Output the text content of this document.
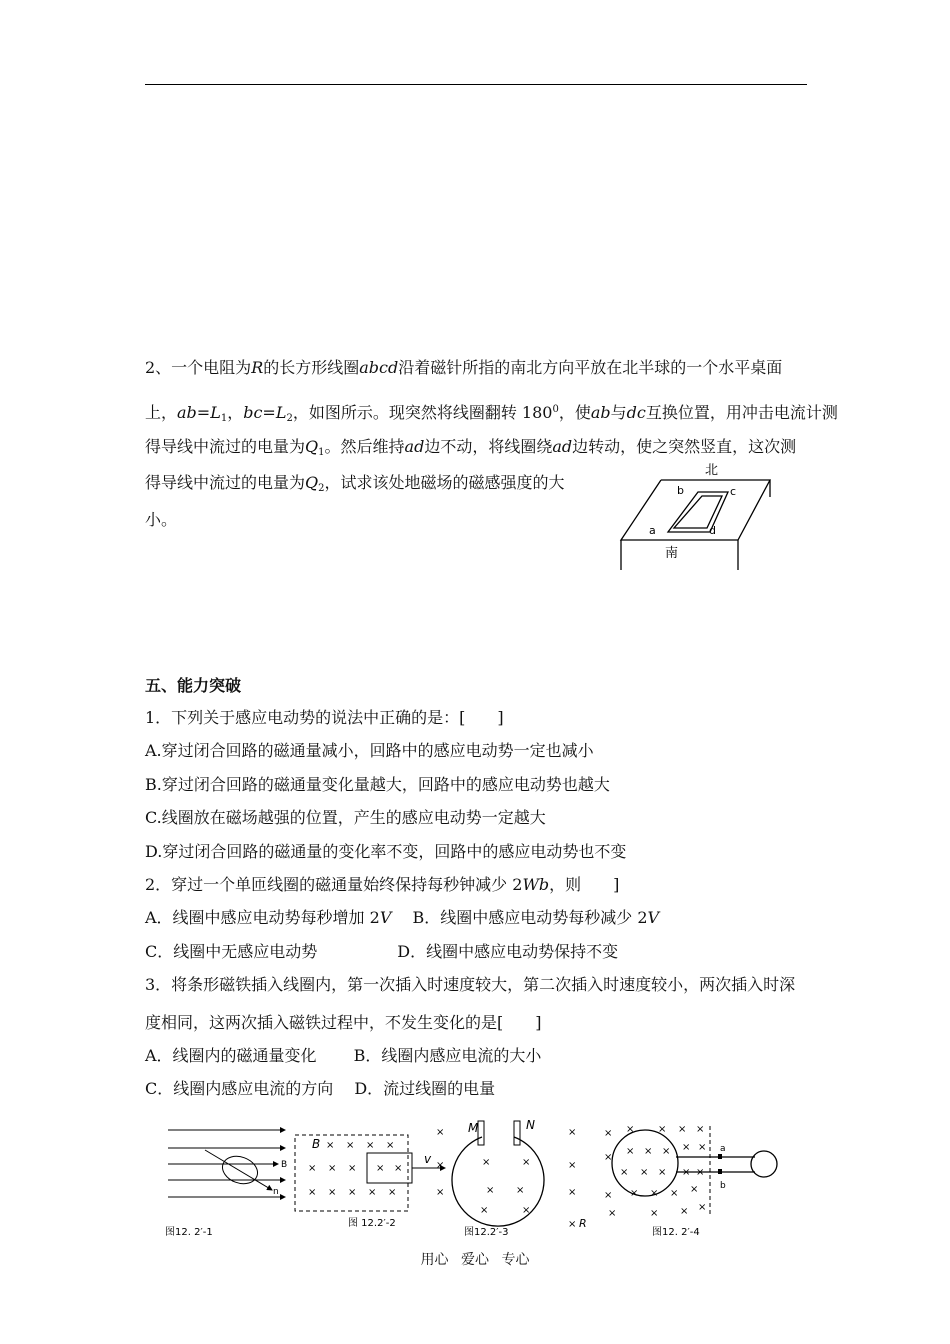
2、一个电阻为R的长方形线圈abcd沿着磁针所指的南北方向平放在北半球的一个水平桌面
上，$ab=L_1$，$bc=L_2$，如图所示。现突然将线圈翻转 $180^0$，使ab与dc互换位置，用冲击电流计测
得导线中流过的电量为$Q_1$。然后维持ad边不动，将线圈绕ad边转动，使之突然竖直，这次测
得导线中流过的电量为$Q_2$，试求该处地磁场的磁感强度的大
小。
北
南
a
b	c
d
五、能力突破
1．下列关于感应电动势的说法中正确的是：[　　]
A.穿过闭合回路的磁通量减小，回路中的感应电动势一定也减小
B.穿过闭合回路的磁通量变化量越大，回路中的感应电动势也越大
C.线圈放在磁场越强的位置，产生的感应电动势一定越大
D.穿过闭合回路的磁通量的变化率不变，回路中的感应电动势也不变
2．穿过一个单匝线圈的磁通量始终保持每秒钟减少 2Wb，则　　]
A．线圈中感应电动势每秒增加 2V　 B．线圈中感应电动势每秒减少 2V
C．线圈中无感应电动势　　　　　D．线圈中感应电动势保持不变
3．将条形磁铁插入线圈内，第一次插入时速度较大，第二次插入时速度较小，两次插入时深
度相同，这两次插入磁铁过程中，不发生变化的是[　　]
A．线圈内的磁通量变化　　 B．线圈内感应电流的大小
C．线圈内感应电流的方向　 D．流过线圈的电量
B
n
图12. 2′-1
B
v
× × × ×
× × × × ×
× × × × ×
图 12.2′-2
M	N
×	×
×	×
×	×
×	×
× ×
×	×
× R
图12.2′-3
a
b
× × × × ×
×
× × × × ×
× × × × ×
× × × × ×
×	× × ×
图12. 2′-4
用心 爱心 专心
